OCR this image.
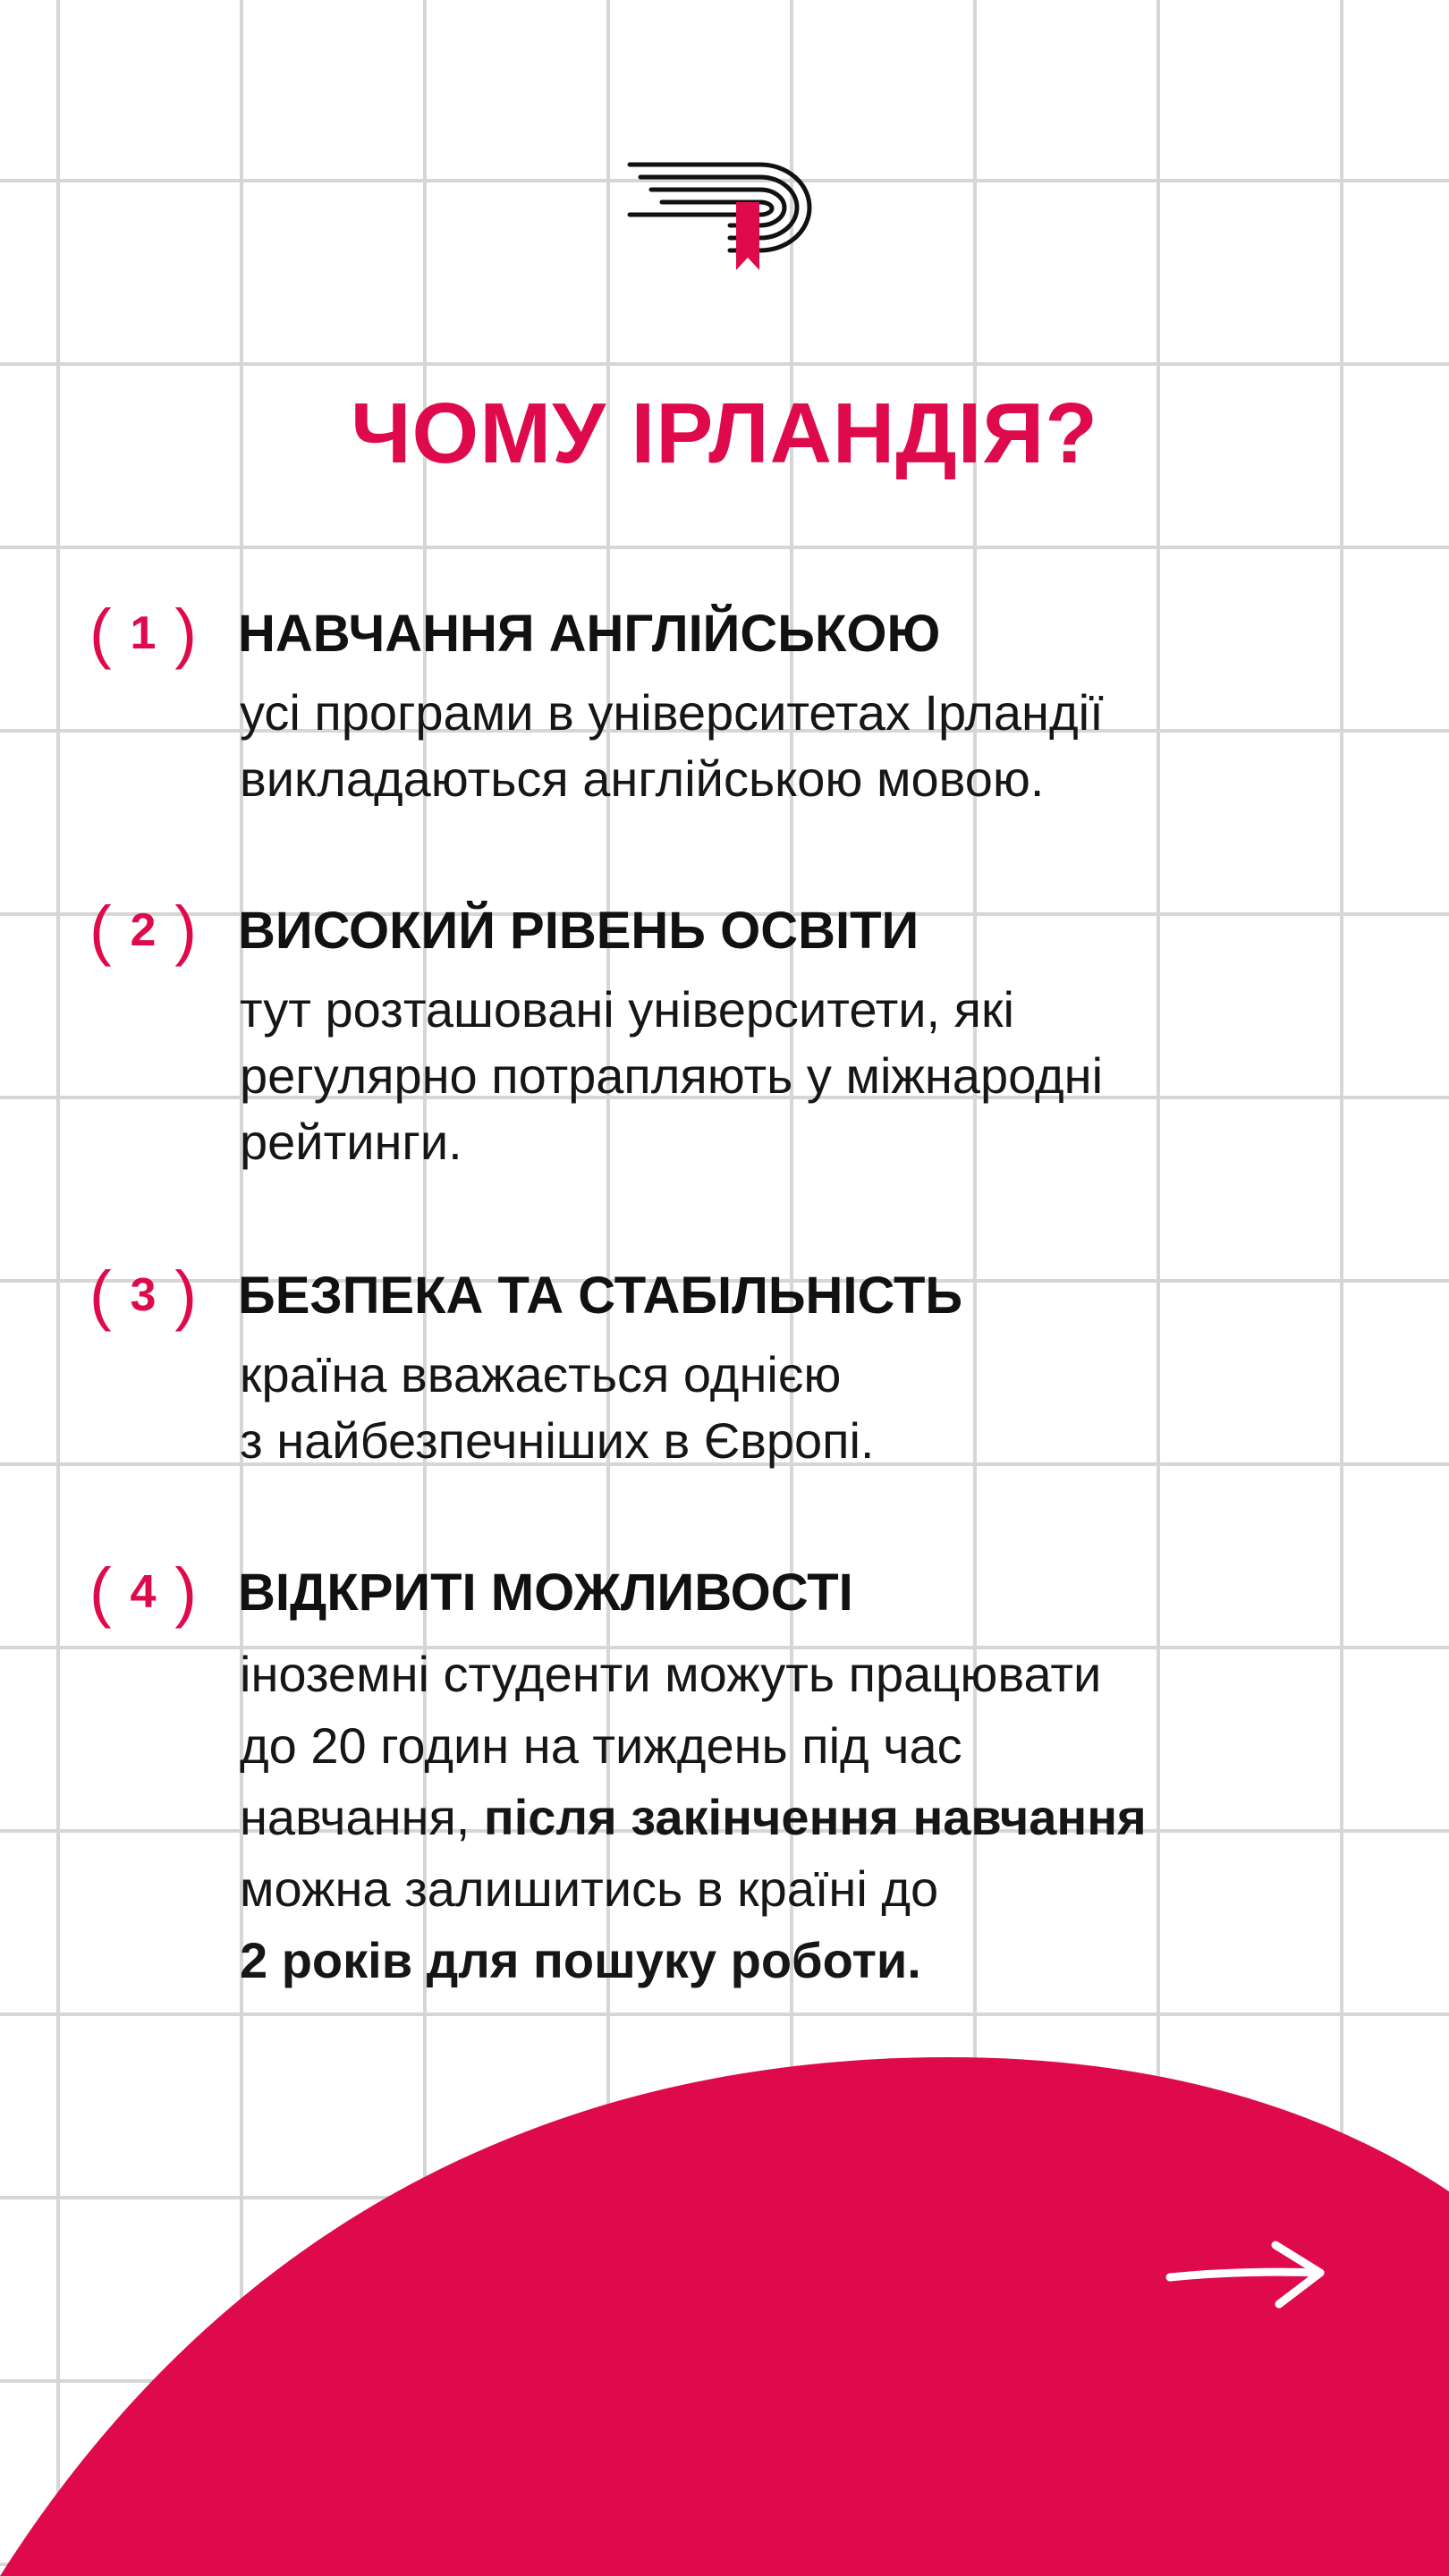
ЧОМУ ІРЛАНДІЯ?
( 1 ) НАВЧАННЯ АНГЛІЙСЬКОЮ

усі програми в університетах Ірландії
викладаються англійською мовою.

( 2 ) ВИСОКИЙ РІВЕНЬ ОСВІТИ

тут розташовані університети, які
регулярно потрапляють у міжнародні
рейтинги.

( 3 ) БЕЗПЕКА ТА СТАБІЛЬНІСТЬ

країна вважається однією
з найбезпечніших в Європі.

( 4 ) ВІДКРИТІ МОЖЛИВОСТІ

іноземні студенти можуть працювати
до 20 годин на тиждень під час
навчання, після закінчення навчання
можна залишитись в країні до
2 років для пошуку роботи.
